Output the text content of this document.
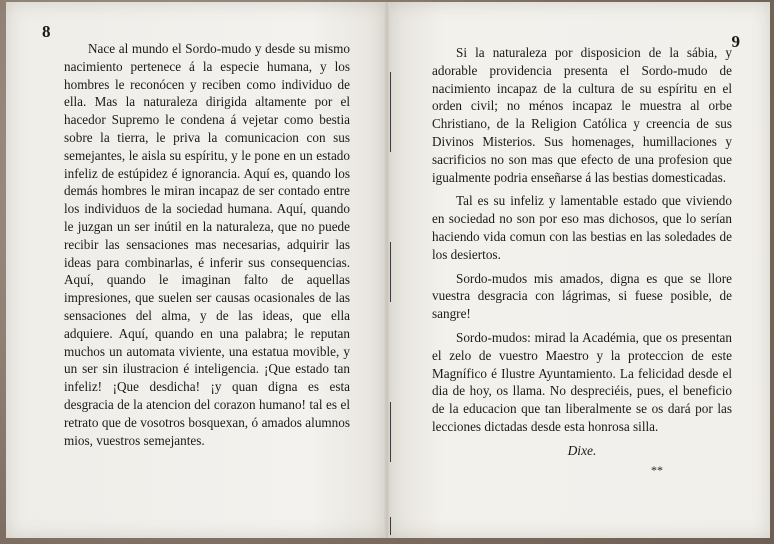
8

Nace al mundo el Sordo-mudo y desde su mismo nacimiento pertenece á la especie humana, y los hombres le reconócen y reciben como individuo de ella. Mas la naturaleza dirigida altamente por el hacedor Supremo le condena á vejetar como bestia sobre la tierra, le priva la comunicacion con sus semejantes, le aisla su espíritu, y le pone en un estado infeliz de estúpidez é ignorancia. Aquí es, quando los demás hombres le miran incapaz de ser contado entre los individuos de la sociedad humana. Aquí, quando le juzgan un ser inútil en la naturaleza, que no puede recibir las sensaciones mas necesarias, adquirir las ideas para combinarlas, é inferir sus consequencias. Aquí, quando le imaginan falto de aquellas impresiones, que suelen ser causas ocasionales de las sensaciones del alma, y de las ideas, que ella adquiere. Aquí, quando en una palabra; le reputan muchos un automata viviente, una estatua movible, y un ser sin ilustracion é inteligencia. ¡Que estado tan infeliz! ¡Que desdicha! ¡y quan digna es esta desgracia de la atencion del corazon humano! tal es el retrato que de vosotros bosquexan, ó amados alumnos mios, vuestros semejantes.

9

Si la naturaleza por disposicion de la sábia, y adorable providencia presenta el Sordo-mudo de nacimiento incapaz de la cultura de su espíritu en el orden civil; no ménos incapaz le muestra al orbe Christiano, de la Religion Católica y creencia de sus Divinos Misterios. Sus homenages, humillaciones y sacrificios no son mas que efecto de una profesion que igualmente podria enseñarse á las bestias domesticadas.

Tal es su infeliz y lamentable estado que viviendo en sociedad no son por eso mas dichosos, que lo serían haciendo vida comun con las bestias en las soledades de los desiertos.

Sordo-mudos mis amados, digna es que se llore vuestra desgracia con lágrimas, si fuese posible, de sangre!

Sordo-mudos: mirad la Académia, que os presentan el zelo de vuestro Maestro y la proteccion de este Magnífico é Ilustre Ayuntamiento. La felicidad desde el dia de hoy, os llama. No despreciéis, pues, el beneficio de la educacion que tan liberalmente se os dará por las lecciones dictadas desde esta honrosa silla.

Dixe.
**
